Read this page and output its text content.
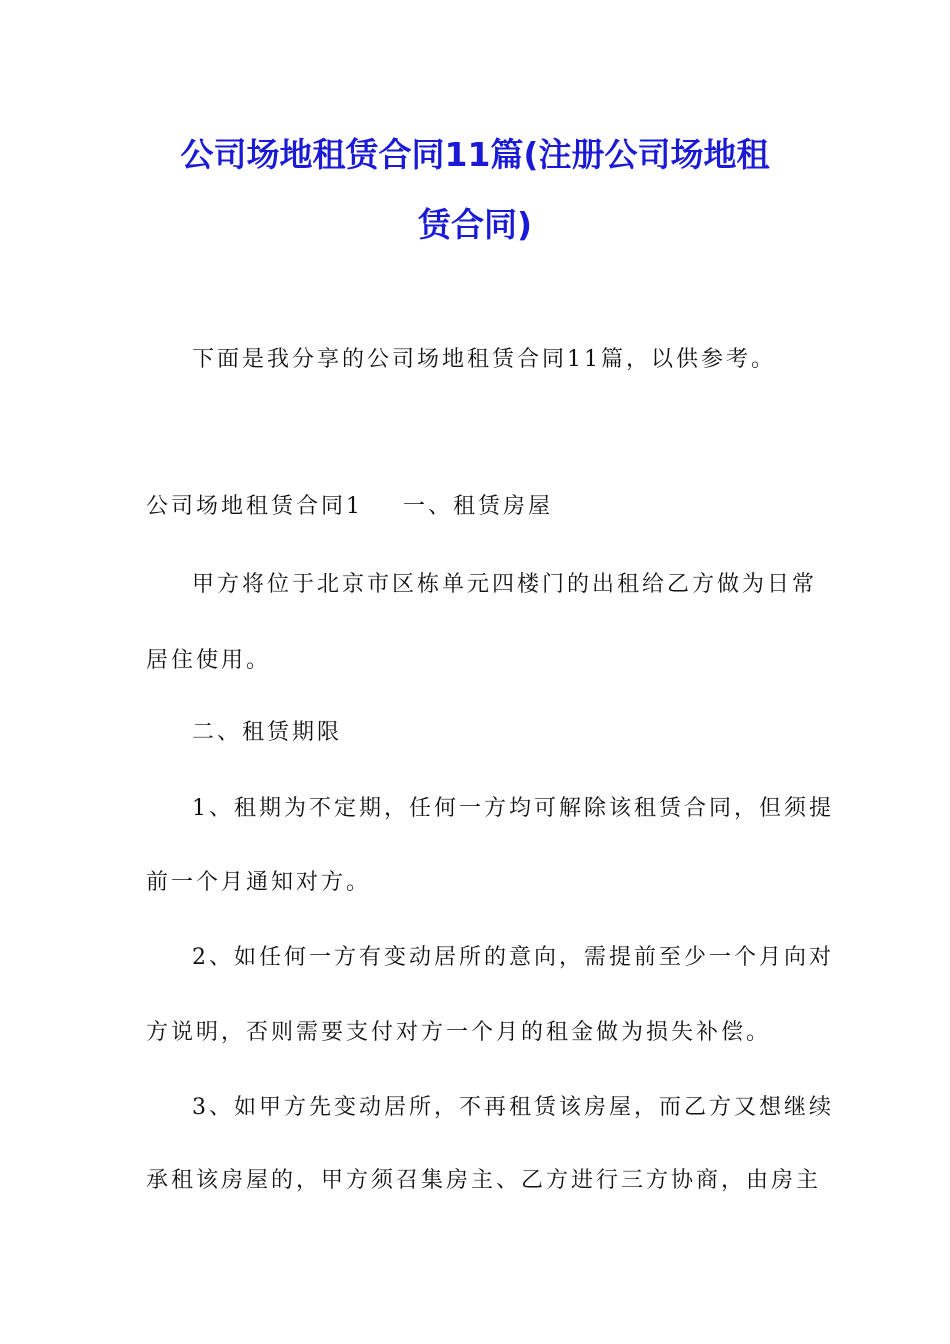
公司场地租赁合同11篇(注册公司场地租
赁合同)
下面是我分享的公司场地租赁合同11篇，以供参考。
公司场地租赁合同1 一、租赁房屋
甲方将位于北京市区栋单元四楼门的出租给乙方做为日常
居住使用。
二、租赁期限
1、租期为不定期，任何一方均可解除该租赁合同，但须提
前一个月通知对方。
2、如任何一方有变动居所的意向，需提前至少一个月向对
方说明，否则需要支付对方一个月的租金做为损失补偿。
3、如甲方先变动居所，不再租赁该房屋，而乙方又想继续
承租该房屋的，甲方须召集房主、乙方进行三方协商，由房主
